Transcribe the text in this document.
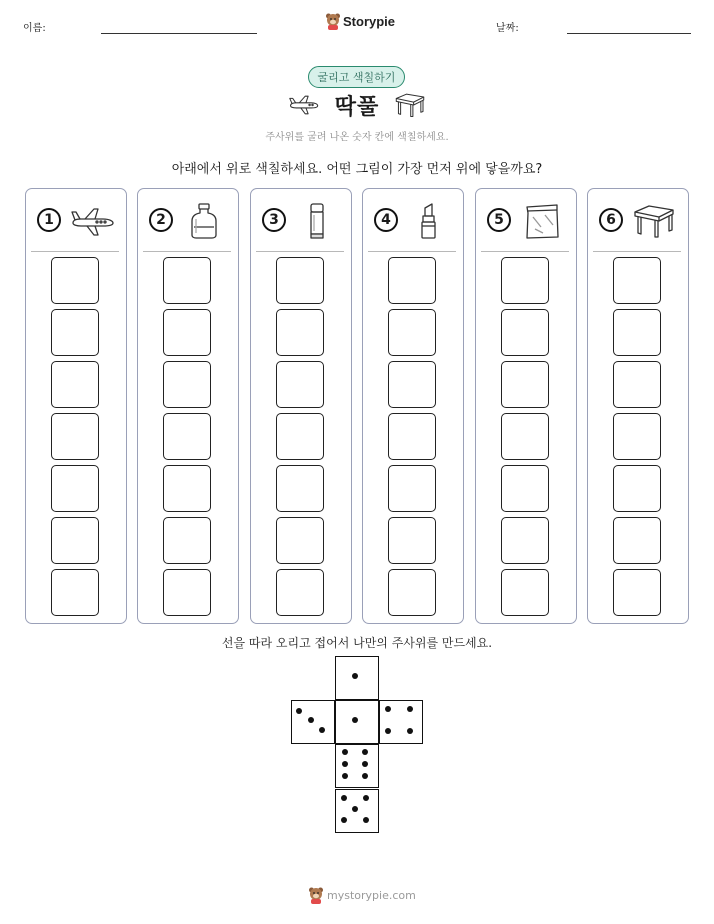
이름:	날짜:
Storypie
굴리고 색칠하기
딱풀
주사위를 굴려 나온 숫자 칸에 색칠하세요.
아래에서 위로 색칠하세요. 어떤 그림이 가장 먼저 위에 닿을까요?
1	2	3	4	5	6
선을 따라 오리고 접어서 나만의 주사위를 만드세요.
mystorypie.com
